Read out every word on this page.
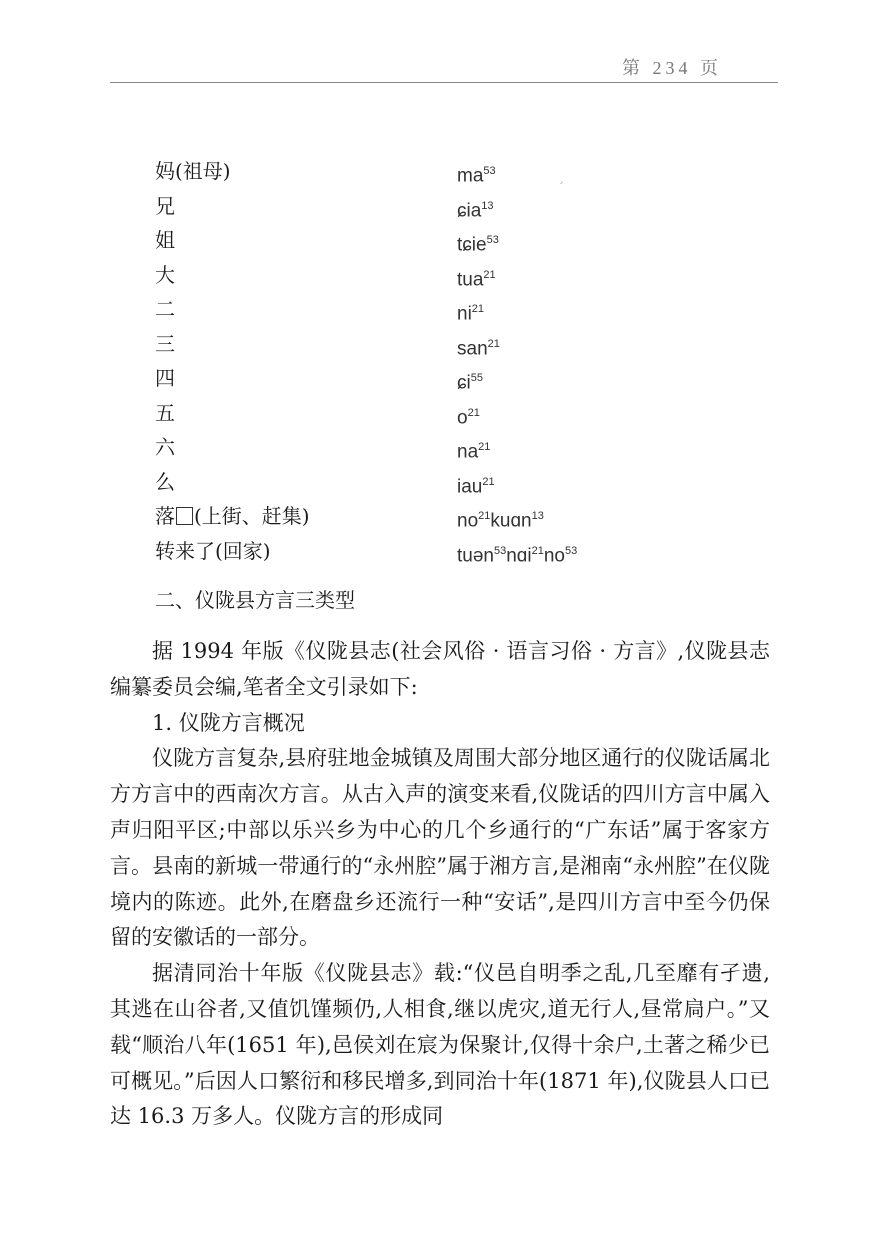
第 234 页
ˏ
妈(祖母)	$ma^{53}$
兄	ɕia$^{13}$
姐	tɕie$^{53}$
大	tua$^{21}$
二	$ni^{21}$
三	san$^{21}$
四	ɕi$^{55}$
五	$o^{21}$
六	$na^{21}$
么	iau$^{21}$
落 (上街、赶集)	$no^{21}kuɑn^{13}$
转来了(回家)	$tuən^{53}nɑi^{21}no^{53}$
二、仪陇县方言三类型

据 1994 年版《仪陇县志(社会风俗 · 语言习俗 · 方言》,仪陇县志编纂委员会编,笔者全文引录如下:

1. 仪陇方言概况

仪陇方言复杂,县府驻地金城镇及周围大部分地区通行的仪陇话属北方方言中的西南次方言。从古入声的演变来看,仪陇话的四川方言中属入声归阳平区;中部以乐兴乡为中心的几个乡通行的“广东话”属于客家方言。县南的新城一带通行的“永州腔”属于湘方言,是湘南“永州腔”在仪陇境内的陈迹。此外,在磨盘乡还流行一种“安话”,是四川方言中至今仍保留的安徽话的一部分。

据清同治十年版《仪陇县志》载:“仪邑自明季之乱,几至靡有孑遗,其逃在山谷者,又值饥馑频仍,人相食,继以虎灾,道无行人,昼常扃户。”又载“顺治八年(1651 年),邑侯刘在宸为保聚计,仅得十余户,土著之稀少已可概见。”后因人口繁衍和移民增多,到同治十年(1871 年),仪陇县人口已达 16.3 万多人。仪陇方言的形成同
